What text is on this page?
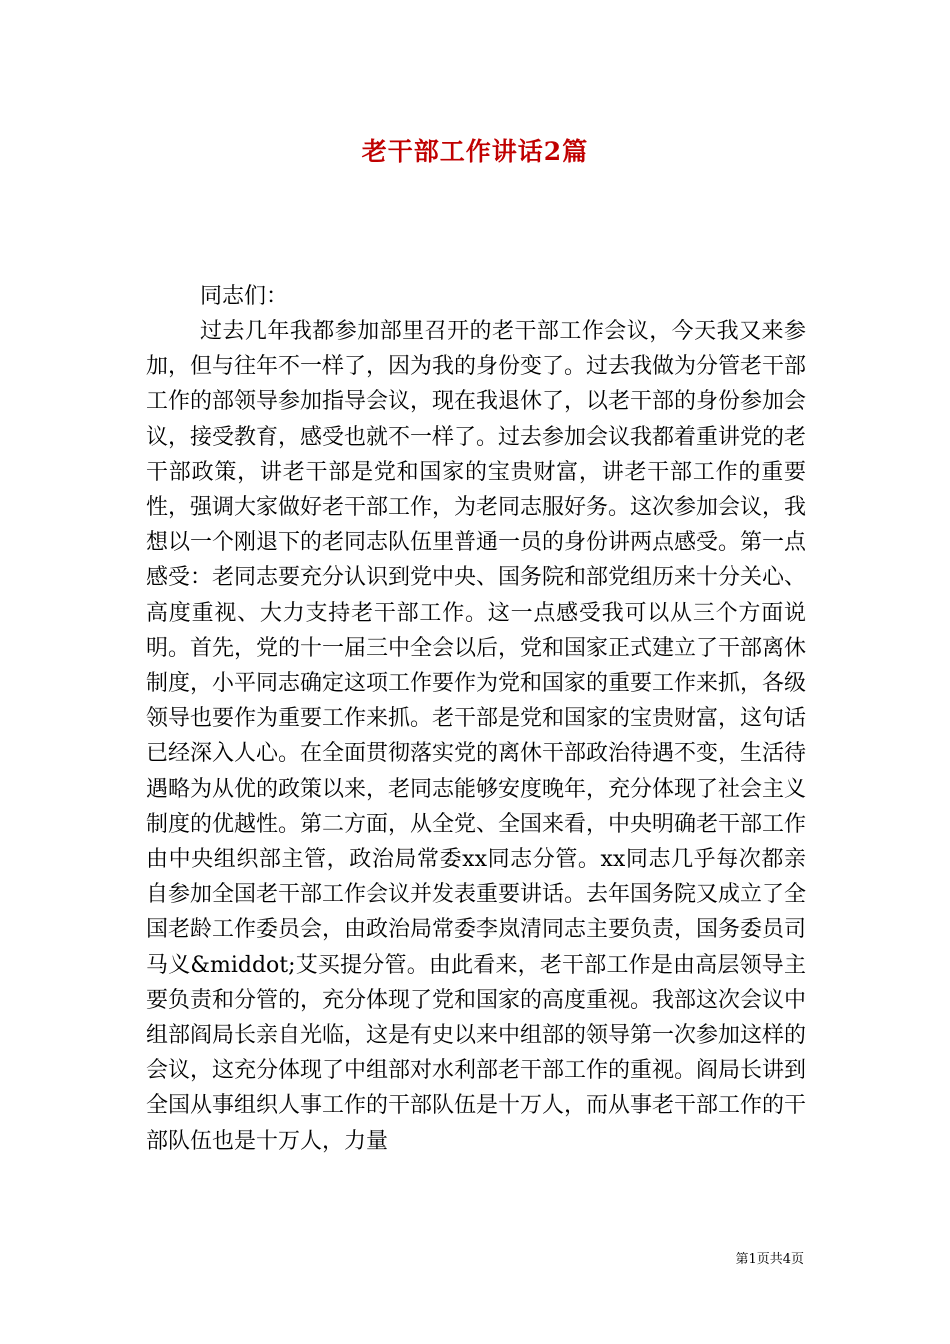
老干部工作讲话2篇
同志们：

过去几年我都参加部里召开的老干部工作会议，今天我又来参加，但与往年不一样了，因为我的身份变了。过去我做为分管老干部工作的部领导参加指导会议，现在我退休了，以老干部的身份参加会议，接受教育，感受也就不一样了。过去参加会议我都着重讲党的老干部政策，讲老干部是党和国家的宝贵财富，讲老干部工作的重要性，强调大家做好老干部工作，为老同志服好务。这次参加会议，我想以一个刚退下的老同志队伍里普通一员的身份讲两点感受。第一点感受：老同志要充分认识到党中央、国务院和部党组历来十分关心、高度重视、大力支持老干部工作。这一点感受我可以从三个方面说明。首先，党的十一届三中全会以后，党和国家正式建立了干部离休制度，小平同志确定这项工作要作为党和国家的重要工作来抓，各级领导也要作为重要工作来抓。老干部是党和国家的宝贵财富，这句话已经深入人心。在全面贯彻落实党的离休干部政治待遇不变，生活待遇略为从优的政策以来，老同志能够安度晚年，充分体现了社会主义制度的优越性。第二方面，从全党、全国来看，中央明确老干部工作由中央组织部主管，政治局常委xx同志分管。xx同志几乎每次都亲自参加全国老干部工作会议并发表重要讲话。去年国务院又成立了全国老龄工作委员会，由政治局常委李岚清同志主要负责，国务委员司马义&middot;艾买提分管。由此看来，老干部工作是由高层领导主要负责和分管的，充分体现了党和国家的高度重视。我部这次会议中组部阎局长亲自光临，这是有史以来中组部的领导第一次参加这样的会议，这充分体现了中组部对水利部老干部工作的重视。阎局长讲到全国从事组织人事工作的干部队伍是十万人，而从事老干部工作的干部队伍也是十万人，力量

第1页共4页
